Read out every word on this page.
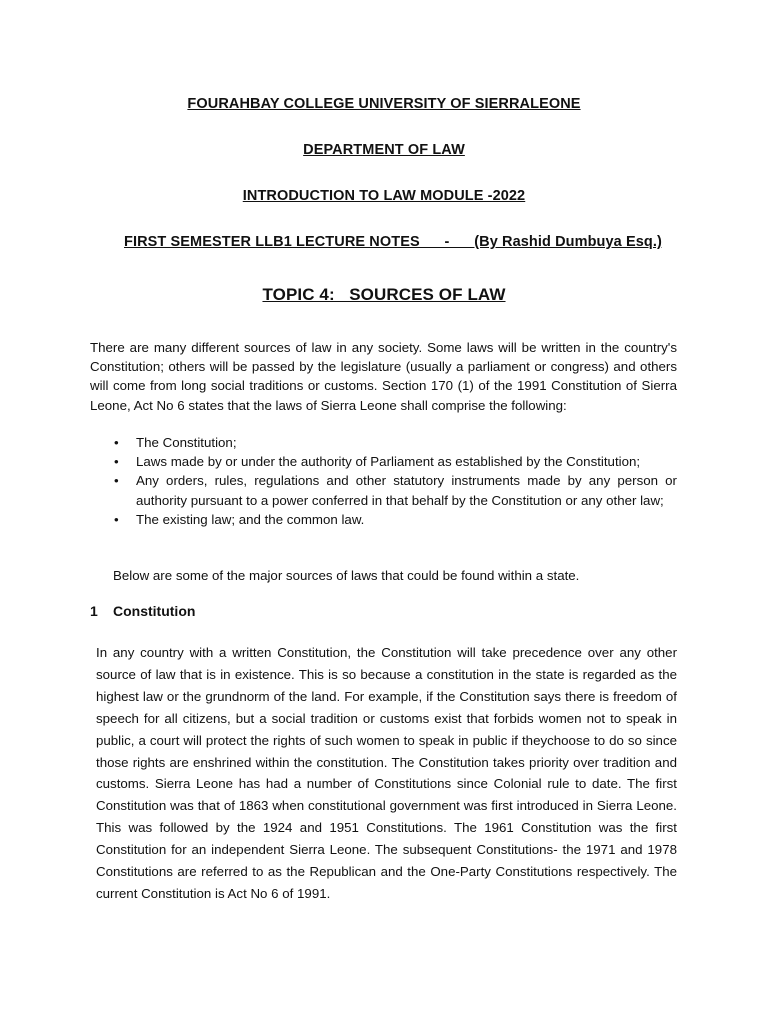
FOURAHBAY COLLEGE UNIVERSITY OF SIERRALEONE
DEPARTMENT OF LAW
INTRODUCTION TO LAW MODULE -2022
FIRST SEMESTER LLB1 LECTURE NOTES      -      (By Rashid Dumbuya Esq.)
TOPIC 4:   SOURCES OF LAW

There are many different sources of law in any society. Some laws will be written in the country's Constitution; others will be passed by the legislature (usually a parliament or congress) and others will come from long social traditions or customs. Section 170 (1) of the 1991 Constitution of Sierra Leone, Act No 6 states that the laws of Sierra Leone shall comprise the following:

• The Constitution;
• Laws made by or under the authority of Parliament as established by the Constitution;
• Any orders, rules, regulations and other statutory instruments made by any person or authority pursuant to a power conferred in that behalf by the Constitution or any other law;
• The existing law; and the common law.

Below are some of the major sources of laws that could be found within a state.

1 Constitution

In any country with a written Constitution, the Constitution will take precedence over any other source of law that is in existence. This is so because a constitution in the state is regarded as the highest law or the grundnorm of the land. For example, if the Constitution says there is freedom of speech for all citizens, but a social tradition or customs exist that forbids women not to speak in public, a court will protect the rights of such women to speak in public if theychoose to do so since those rights are enshrined within the constitution. The Constitution takes priority over tradition and customs. Sierra Leone has had a number of Constitutions since Colonial rule to date. The first Constitution was that of 1863 when constitutional government was first introduced in Sierra Leone. This was followed by the 1924 and 1951 Constitutions. The 1961 Constitution was the first Constitution for an independent Sierra Leone. The subsequent Constitutions- the 1971 and 1978 Constitutions are referred to as the Republican and the One-Party Constitutions respectively. The current Constitution is Act No 6 of 1991.
